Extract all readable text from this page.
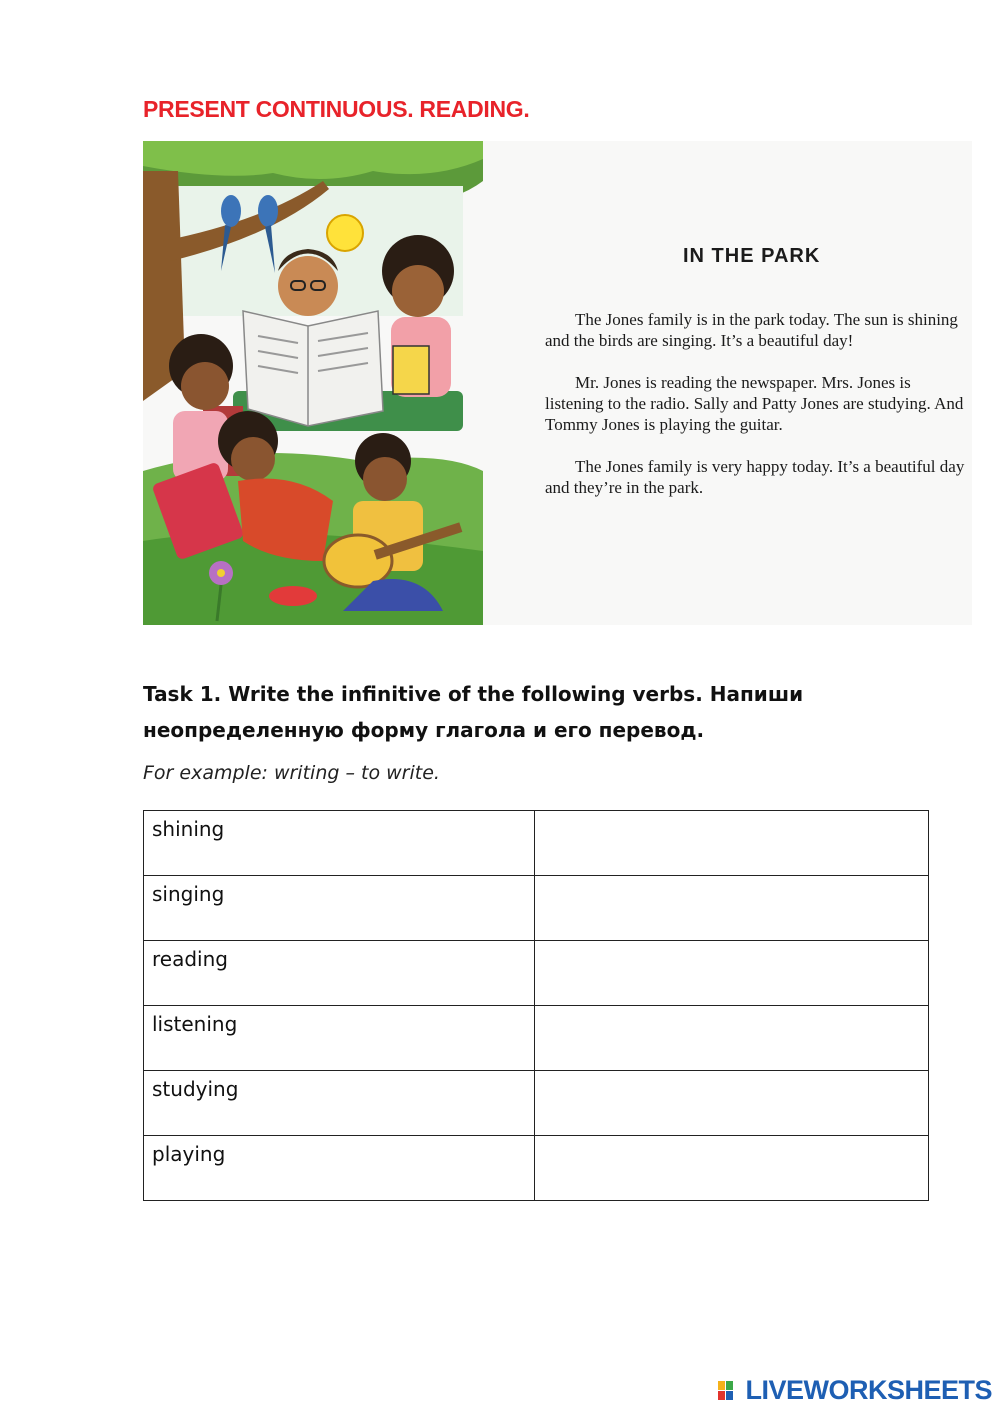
PRESENT CONTINUOUS. READING.
IN THE PARK

The Jones family is in the park today. The sun is shining and the birds are singing. It’s a beautiful day!

Mr. Jones is reading the newspaper. Mrs. Jones is listening to the radio. Sally and Patty Jones are studying. And Tommy Jones is playing the guitar.

The Jones family is very happy today. It’s a beautiful day and they’re in the park.

Task 1. Write the infinitive of the following verbs. Напиши неопределенную форму глагола и его перевод.

For example: writing – to write.

shining	
singing	
reading	
listening	
studying	
playing	
LIVEWORKSHEETS
